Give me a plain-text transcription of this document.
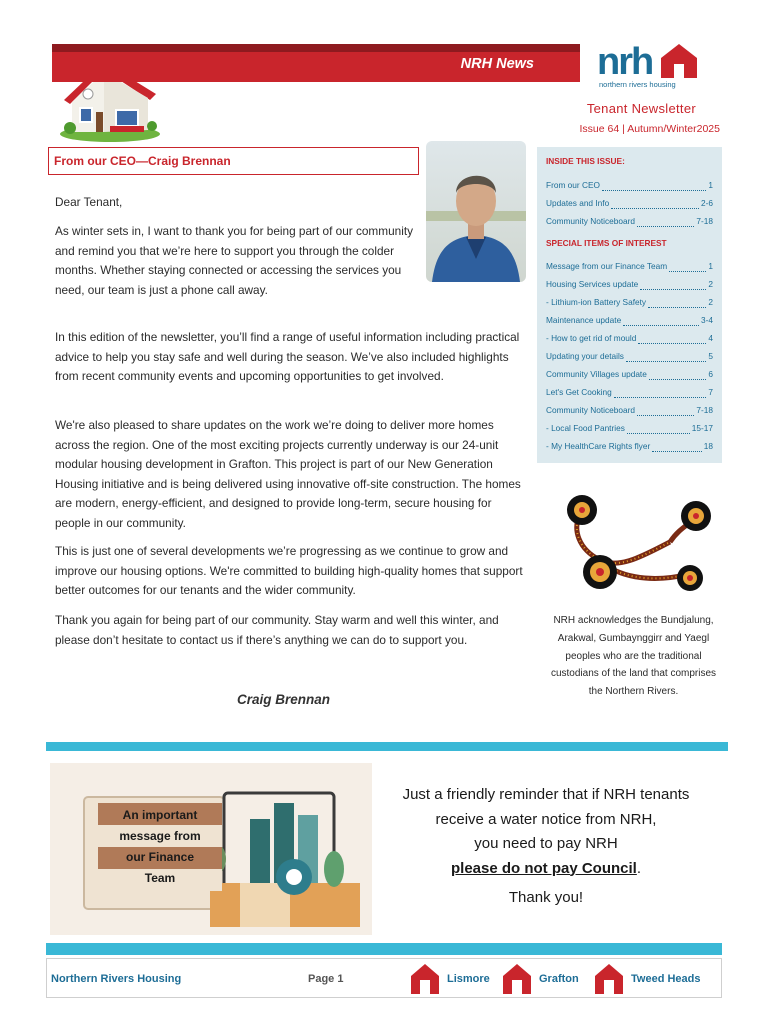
NRH News nrh
northern rivers housing
Tenant Newsletter
Issue 64 | Autumn/Winter2025
From our CEO—Craig Brennan
Dear Tenant,
As winter sets in, I want to thank you for being part of our community and remind you that we’re here to support you through the colder months. Whether staying connected or accessing the services you need, our team is just a phone call away.
In this edition of the newsletter, you’ll find a range of useful information including practical advice to help you stay safe and well during the season. We’ve also included highlights from recent community events and upcoming opportunities to get involved.
We're also pleased to share updates on the work we’re doing to deliver more homes across the region. One of the most exciting projects currently underway is our 24-unit modular housing development in Grafton. This project is part of our New Generation Housing initiative and is being delivered using innovative off-site construction. The homes are modern, energy-efficient, and designed to provide long-term, secure housing for people in our community.
This is just one of several developments we’re progressing as we continue to grow and improve our housing options. We're committed to building high-quality homes that support better outcomes for our tenants and the wider community.
Thank you again for being part of our community. Stay warm and well this winter, and please don’t hesitate to contact us if there’s anything we can do to support you.
Craig Brennan
INSIDE THIS ISSUE:
From our CEO	1
Updates and Info	2-6
Community Noticeboard	7-18
SPECIAL ITEMS OF INTEREST
Message from our Finance Team	1
Housing Services update	2
- Lithium-ion Battery Safety	2
Maintenance update	3-4
- How to get rid of mould	4
Updating your details	5
Community Villages update	6
Let's Get Cooking	7
Community Noticeboard	7-18
- Local Food Pantries	15-17
- My HealthCare Rights flyer	18
NRH acknowledges the Bundjalung, Arakwal, Gumbaynggirr and Yaegl peoples who are the traditional custodians of the land that comprises the Northern Rivers.
An important
message from
our Finance
Team
Just a friendly reminder that if NRH tenants
receive a water notice from NRH,
you need to pay NRH
please do not pay Council.
Thank you!
Northern Rivers Housing	Page 1	Lismore	Grafton	Tweed Heads
